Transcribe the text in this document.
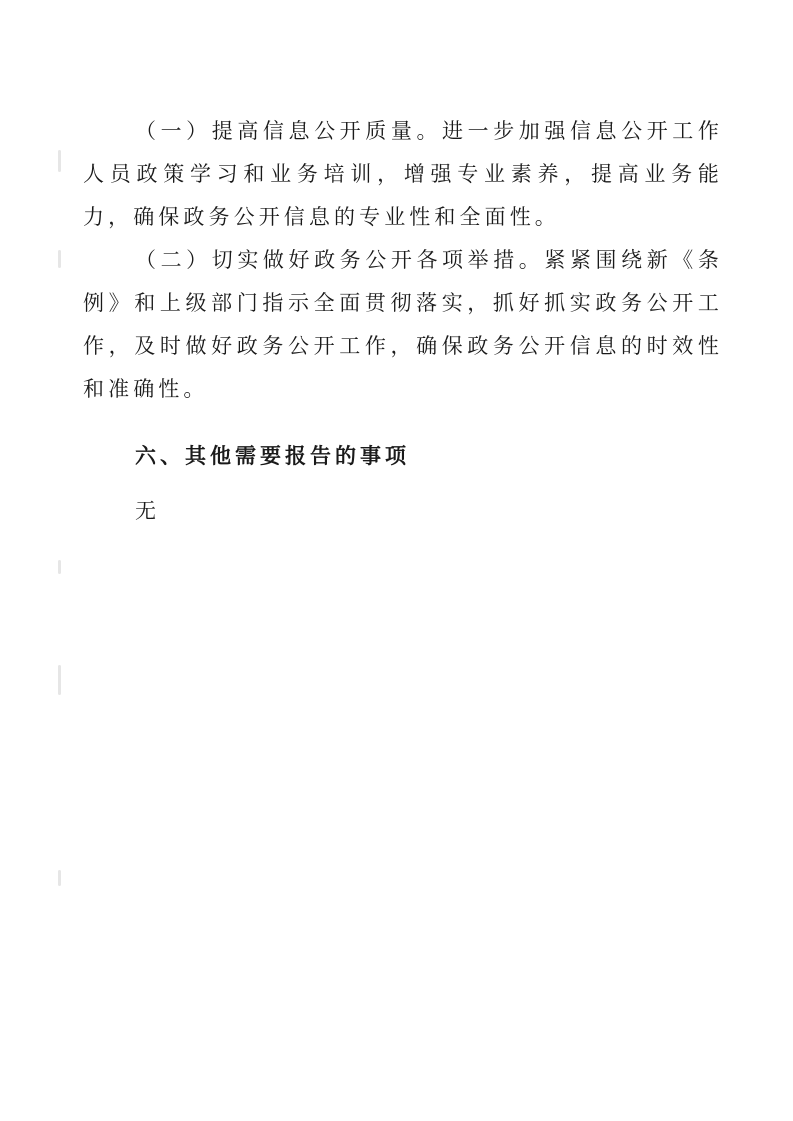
（一）提高信息公开质量。进一步加强信息公开工作人员政策学习和业务培训，增强专业素养，提高业务能力，确保政务公开信息的专业性和全面性。

（二）切实做好政务公开各项举措。紧紧围绕新《条例》和上级部门指示全面贯彻落实，抓好抓实政务公开工作，及时做好政务公开工作，确保政务公开信息的时效性和准确性。

六、其他需要报告的事项

无
